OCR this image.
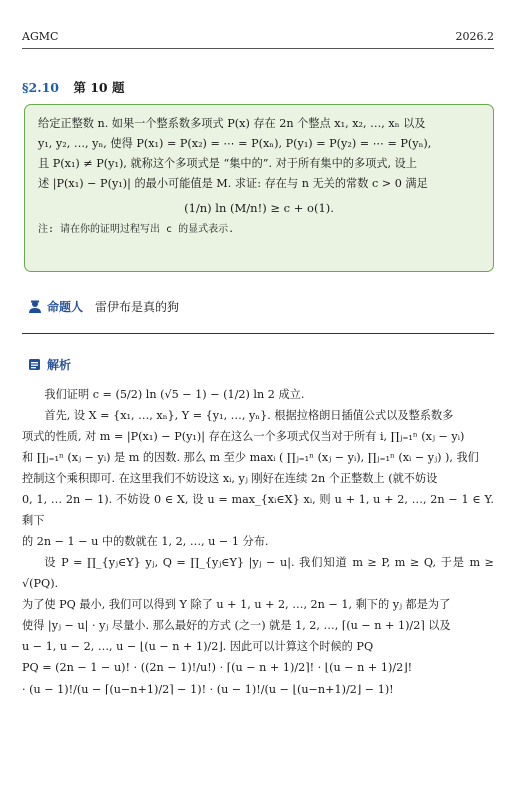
AGMC	2026.2
§2.10 第 10 题

给定正整数 n. 如果一个整系数多项式 P(x) 存在 2n 个整点 x₁, x₂, …, xₙ 以及

y₁, y₂, …, yₙ, 使得 P(x₁) = P(x₂) = ⋯ = P(xₙ), P(y₁) = P(y₂) = ⋯ = P(yₙ),

且 P(x₁) ≠ P(y₁), 就称这个多项式是 “集中的”. 对于所有集中的多项式, 设上

述 |P(x₁) − P(y₁)| 的最小可能值是 M. 求证: 存在与 n 无关的常数 c > 0 满足

(1/n) ln (M/n!) ≥ c + o(1).

注: 请在你的证明过程写出 c 的显式表示.

命题人 雷伊布是真的狗
解析

我们证明 c = (5/2) ln (√5 − 1) − (1/2) ln 2 成立.

首先, 设 X = {x₁, …, xₙ}, Y = {y₁, …, yₙ}. 根据拉格朗日插值公式以及整系数多

项式的性质, 对 m = |P(x₁) − P(y₁)| 存在这么一个多项式仅当对于所有 i, ∏ⱼ₌₁ⁿ (xⱼ − yᵢ)

和 ∏ⱼ₌₁ⁿ (xⱼ − yᵢ) 是 m 的因数. 那么 m 至少 maxᵢ ( ∏ⱼ₌₁ⁿ (xⱼ − yᵢ), ∏ⱼ₌₁ⁿ (xᵢ − yⱼ) ), 我们

控制这个乘积即可. 在这里我们不妨设这 xᵢ, yⱼ 刚好在连续 2n 个正整数上 (就不妨设

0, 1, … 2n − 1). 不妨设 0 ∈ X, 设 u = max_{xᵢ∈X} xᵢ, 则 u + 1, u + 2, …, 2n − 1 ∈ Y. 剩下

的 2n − 1 − u 中的数就在 1, 2, …, u − 1 分布.

设 P = ∏_{yⱼ∈Y} yⱼ, Q = ∏_{yⱼ∈Y} |yⱼ − u|. 我们知道 m ≥ P, m ≥ Q, 于是 m ≥ √(PQ).

为了使 PQ 最小, 我们可以得到 Y 除了 u + 1, u + 2, …, 2n − 1, 剩下的 yⱼ 都是为了

使得 |yⱼ − u| · yⱼ 尽量小. 那么最好的方式 (之一) 就是 1, 2, …, ⌈(u − n + 1)/2⌉ 以及

u − 1, u − 2, …, u − ⌊(u − n + 1)/2⌋. 因此可以计算这个时候的 PQ

PQ = (2n − 1 − u)! · ((2n − 1)!/u!) · ⌈(u − n + 1)/2⌉! · ⌊(u − n + 1)/2⌋!

· (u − 1)!/(u − ⌈(u−n+1)/2⌉ − 1)! · (u − 1)!/(u − ⌊(u−n+1)/2⌋ − 1)!
